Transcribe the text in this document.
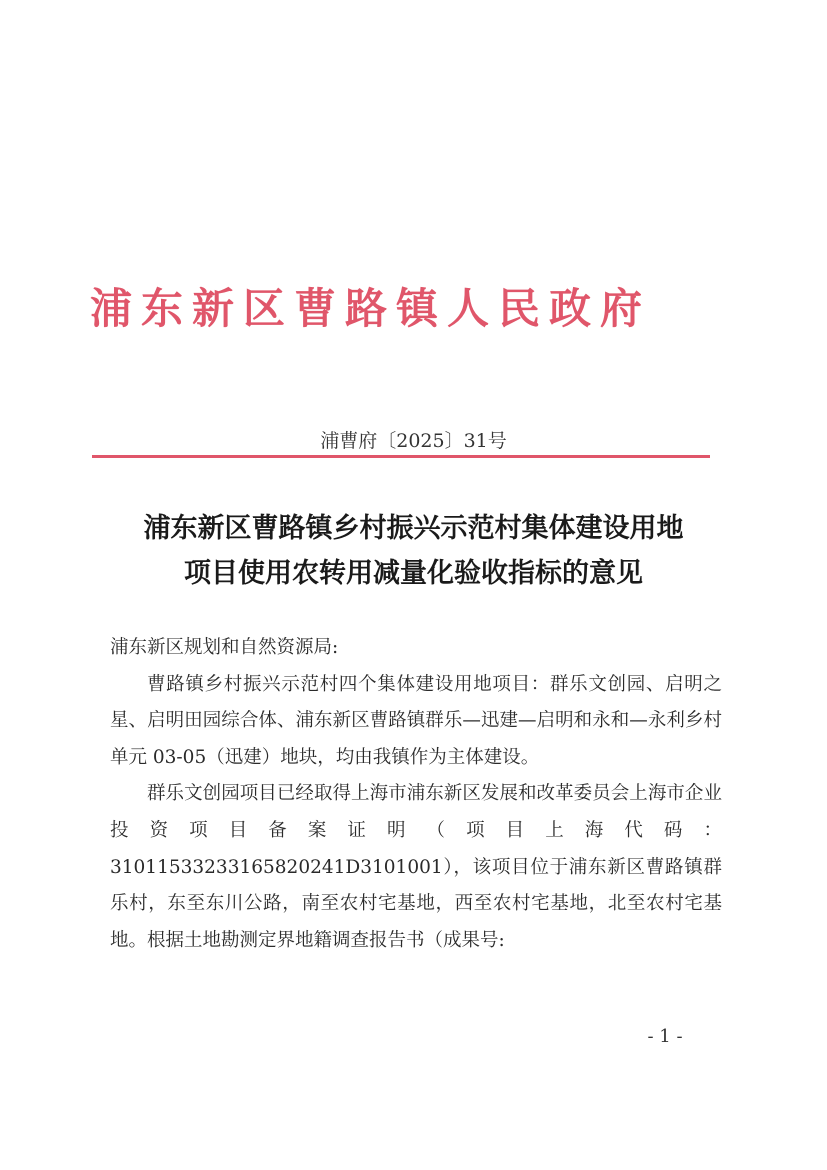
浦东新区曹路镇人民政府
浦曹府〔2025〕31号
浦东新区曹路镇乡村振兴示范村集体建设用地
项目使用农转用减量化验收指标的意见

浦东新区规划和自然资源局:

曹路镇乡村振兴示范村四个集体建设用地项目：群乐文创园、启明之星、启明田园综合体、浦东新区曹路镇群乐—迅建—启明和永和—永利乡村单元 03-05（迅建）地块，均由我镇作为主体建设。

群乐文创园项目已经取得上海市浦东新区发展和改革委员会上海市企业投资项目备案证明（项目上海代码：31011533233165820241D3101001），该项目位于浦东新区曹路镇群乐村，东至东川公路，南至农村宅基地，西至农村宅基地，北至农村宅基地。根据土地勘测定界地籍调查报告书（成果号:

- 1 -
